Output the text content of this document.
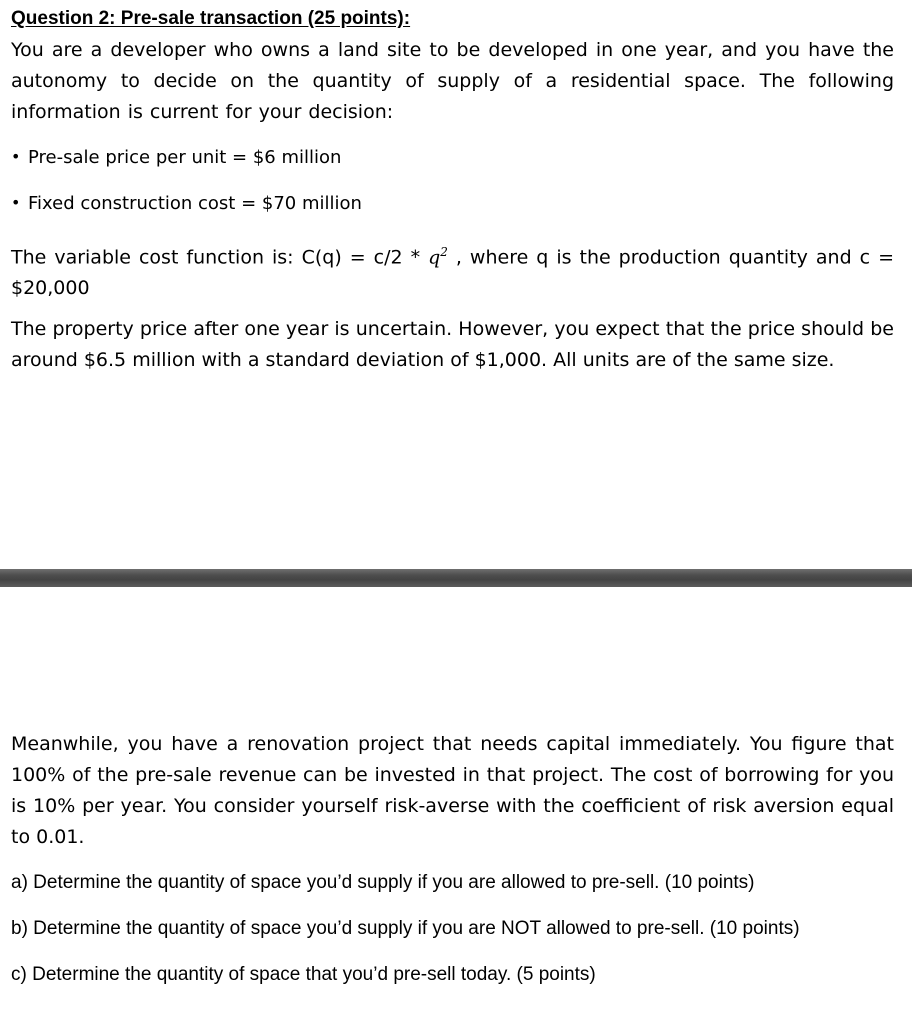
Question 2: Pre-sale transaction (25 points):
You are a developer who owns a land site to be developed in one year, and you have the autonomy to decide on the quantity of supply of a residential space. The following information is current for your decision:
• Pre-sale price per unit = $6 million
• Fixed construction cost = $70 million
The variable cost function is: $C(q) = c/2 * q^2$ , where q is the production quantity and c = $20,000
The property price after one year is uncertain. However, you expect that the price should be around $6.5 million with a standard deviation of $1,000. All units are of the same size.
Meanwhile, you have a renovation project that needs capital immediately. You figure that 100% of the pre-sale revenue can be invested in that project. The cost of borrowing for you is 10% per year. You consider yourself risk-averse with the coefficient of risk aversion equal to 0.01.
a) Determine the quantity of space you’d supply if you are allowed to pre-sell. (10 points)
b) Determine the quantity of space you’d supply if you are NOT allowed to pre-sell. (10 points)
c) Determine the quantity of space that you’d pre-sell today. (5 points)
